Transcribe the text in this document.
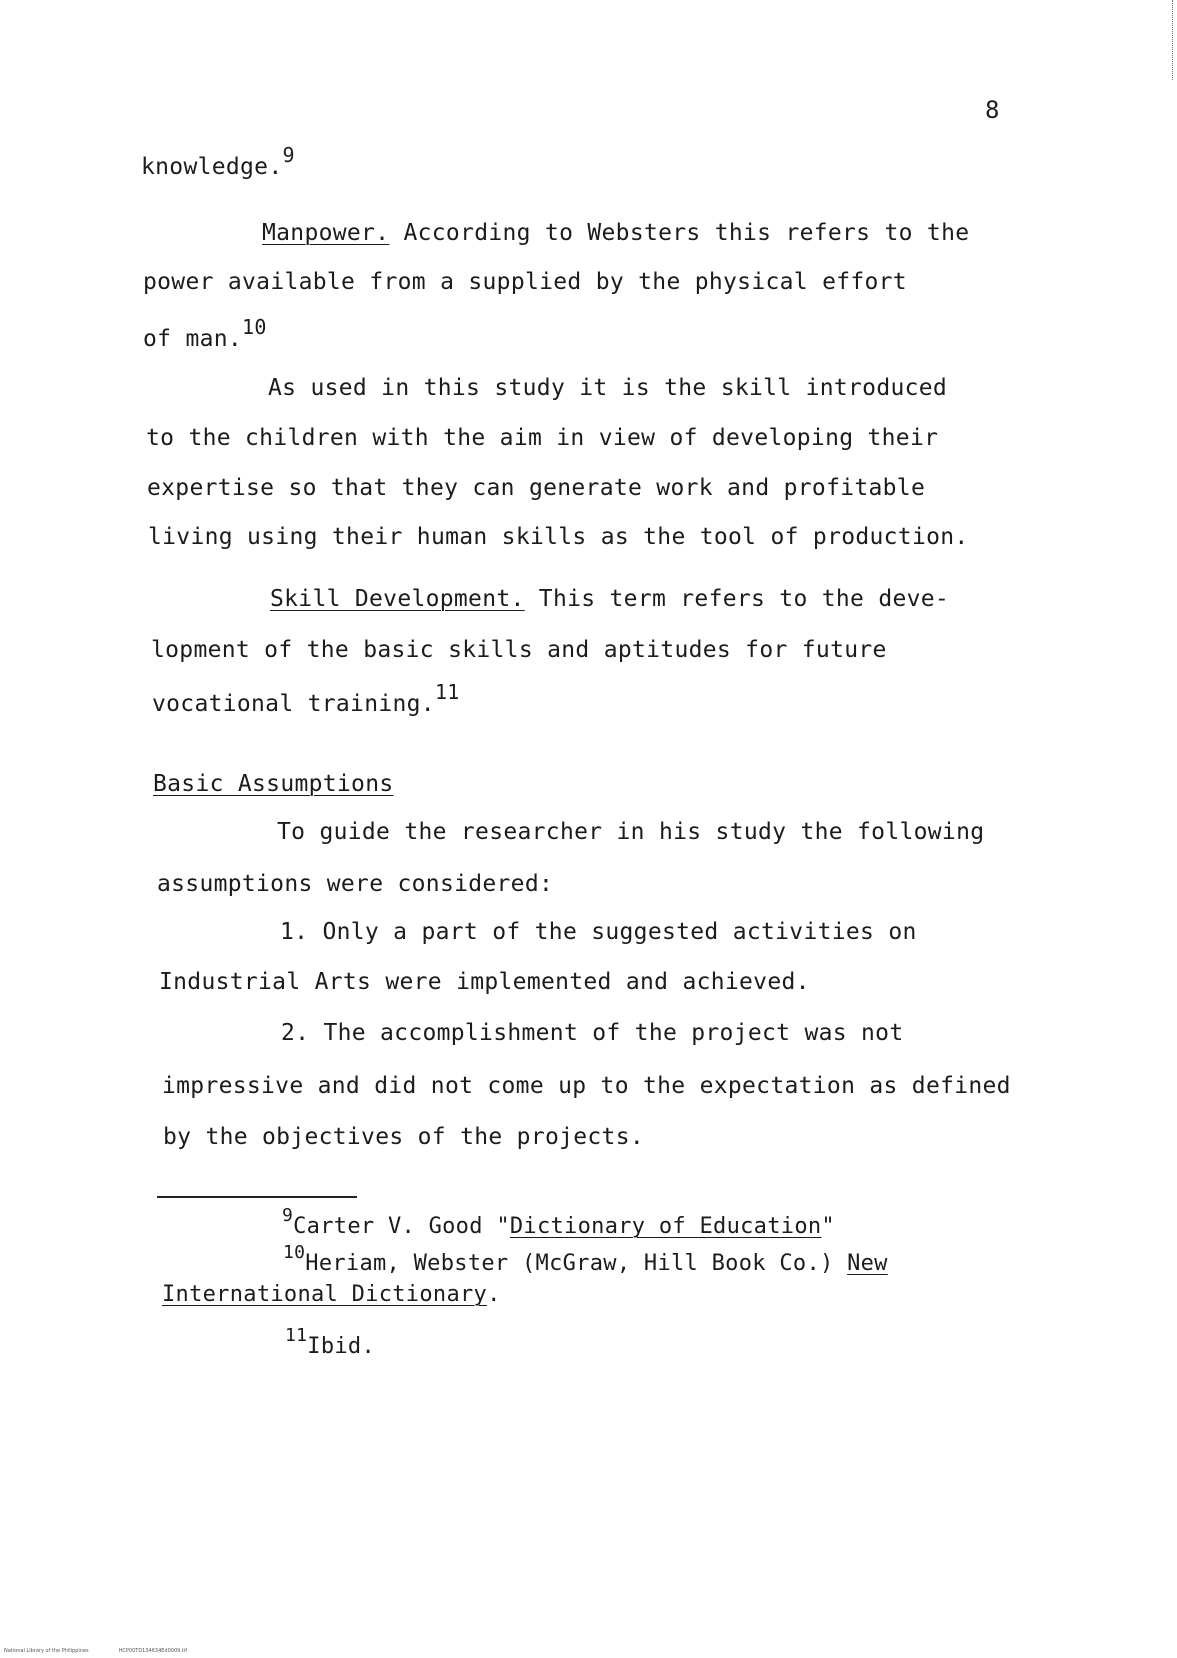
8
knowledge.9
Manpower. According to Websters this refers to the
power available from a supplied by the physical effort
of man.10
As used in this study it is the skill introduced
to the children with the aim in view of developing their
expertise so that they can generate work and profitable
living using their human skills as the tool of production.
Skill Development. This term refers to the deve-
lopment of the basic skills and aptitudes for future
vocational training.11
Basic Assumptions
To guide the researcher in his study the following
assumptions were considered:
1. Only a part of the suggested activities on
Industrial Arts were implemented and achieved.
2. The accomplishment of the project was not
impressive and did not come up to the expectation as defined
by the objectives of the projects.
$^9$Carter V. Good "Dictionary of Education"
$^{10}$Heriam, Webster (McGraw, Hill Book Co.) New
International Dictionary.
$^{11}$Ibid.
National Library of the Philippines	HCP00TD134634Ed0009.tif
